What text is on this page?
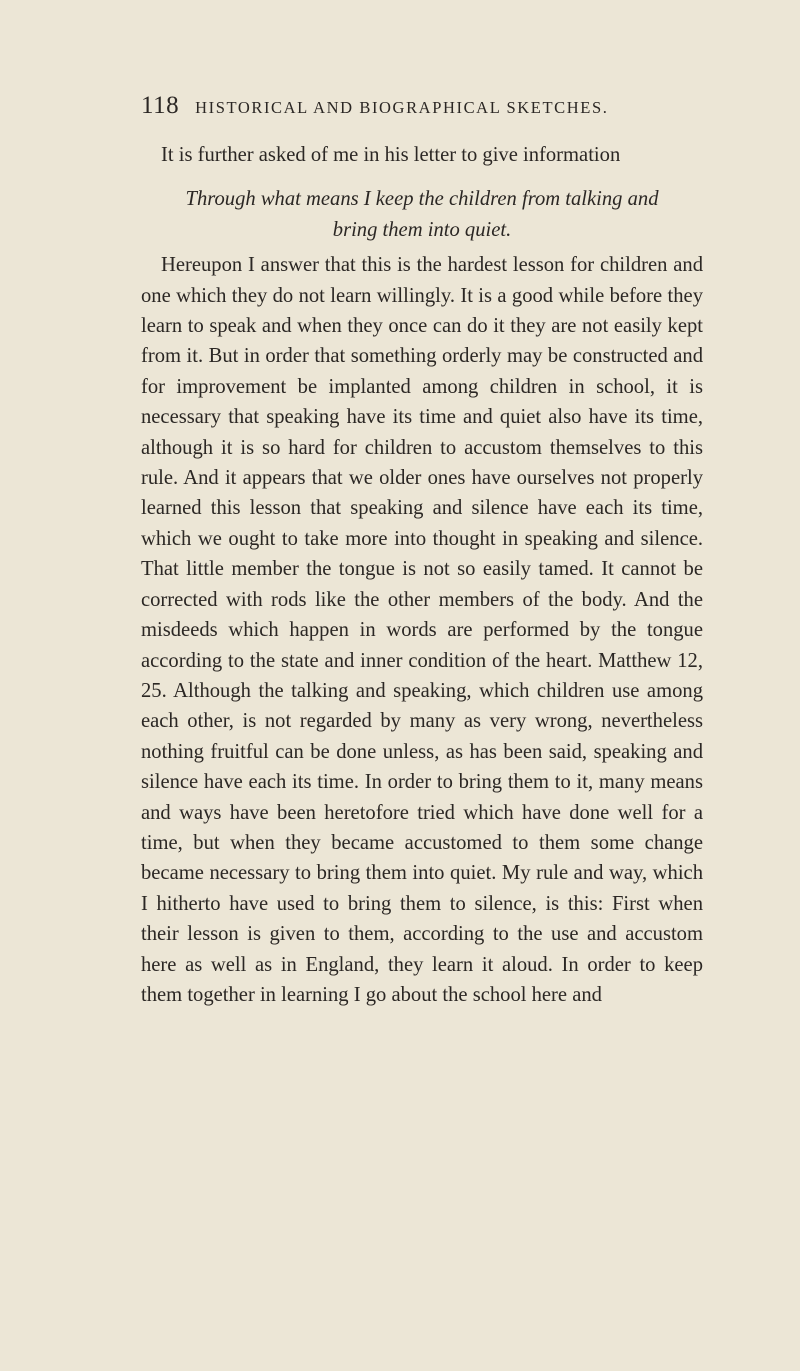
118 HISTORICAL AND BIOGRAPHICAL SKETCHES.

It is further asked of me in his letter to give information

Through what means I keep the children from talking and bring them into quiet.

Hereupon I answer that this is the hardest lesson for children and one which they do not learn willingly. It is a good while before they learn to speak and when they once can do it they are not easily kept from it. But in order that something orderly may be constructed and for improvement be implanted among children in school, it is necessary that speaking have its time and quiet also have its time, although it is so hard for children to accustom themselves to this rule. And it appears that we older ones have ourselves not properly learned this lesson that speaking and silence have each its time, which we ought to take more into thought in speaking and silence. That little member the tongue is not so easily tamed. It cannot be corrected with rods like the other members of the body. And the misdeeds which happen in words are performed by the tongue according to the state and inner condition of the heart. Matthew 12, 25. Although the talking and speaking, which children use among each other, is not regarded by many as very wrong, nevertheless nothing fruitful can be done unless, as has been said, speaking and silence have each its time. In order to bring them to it, many means and ways have been heretofore tried which have done well for a time, but when they became accustomed to them some change became necessary to bring them into quiet. My rule and way, which I hitherto have used to bring them to silence, is this: First when their lesson is given to them, according to the use and accustom here as well as in England, they learn it aloud. In order to keep them together in learning I go about the school here and
